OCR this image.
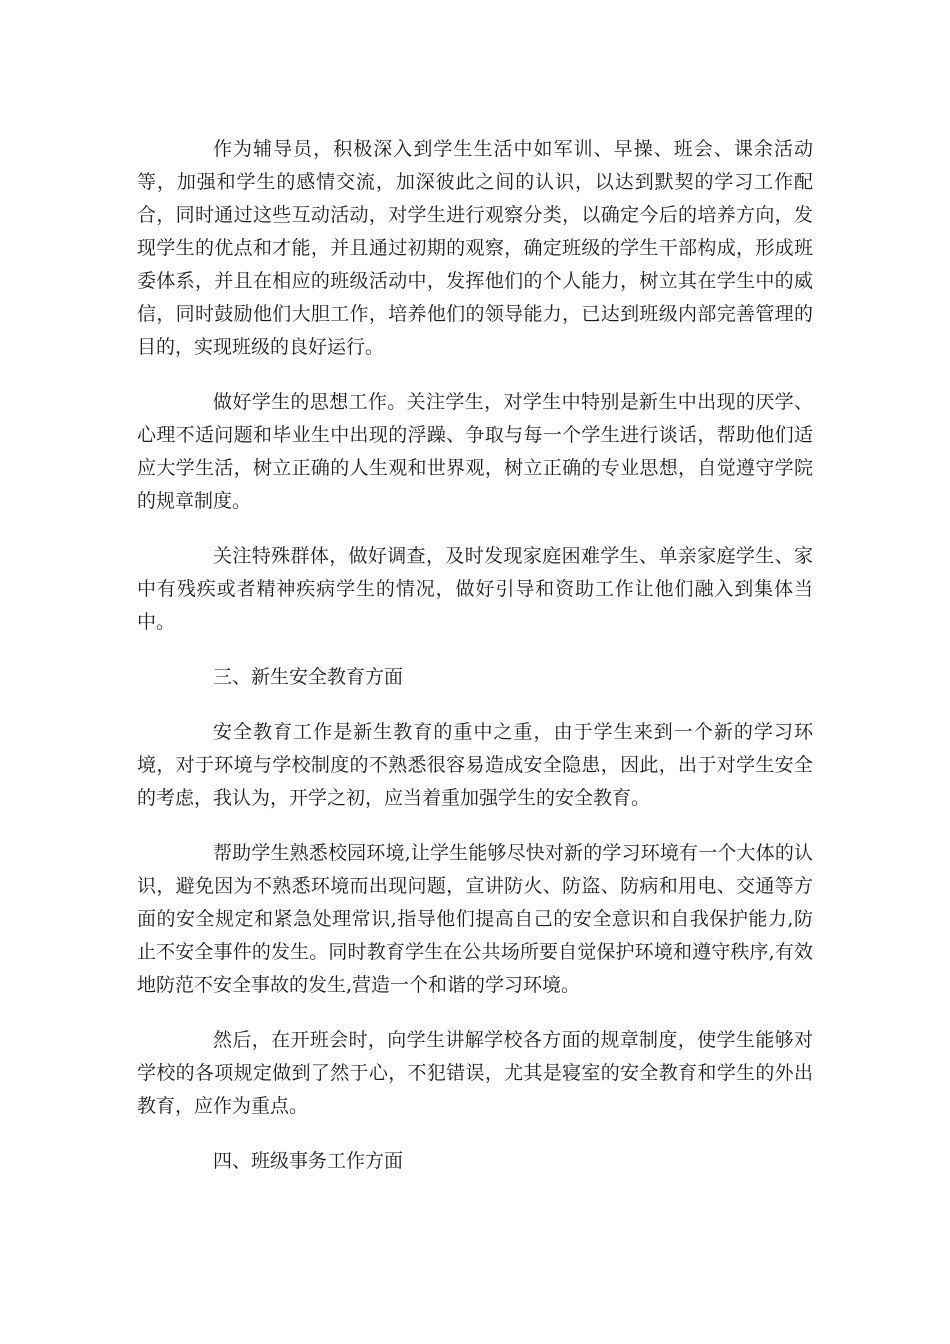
作为辅导员，积极深入到学生生活中如军训、早操、班会、课余活动等，加强和学生的感情交流，加深彼此之间的认识，以达到默契的学习工作配合，同时通过这些互动活动，对学生进行观察分类，以确定今后的培养方向，发现学生的优点和才能，并且通过初期的观察，确定班级的学生干部构成，形成班委体系，并且在相应的班级活动中，发挥他们的个人能力，树立其在学生中的威信，同时鼓励他们大胆工作，培养他们的领导能力，已达到班级内部完善管理的目的，实现班级的良好运行。

做好学生的思想工作。关注学生，对学生中特别是新生中出现的厌学、心理不适问题和毕业生中出现的浮躁、争取与每一个学生进行谈话，帮助他们适应大学生活，树立正确的人生观和世界观，树立正确的专业思想，自觉遵守学院的规章制度。

关注特殊群体，做好调查，及时发现家庭困难学生、单亲家庭学生、家中有残疾或者精神疾病学生的情况，做好引导和资助工作让他们融入到集体当中。

三、新生安全教育方面

安全教育工作是新生教育的重中之重，由于学生来到一个新的学习环境，对于环境与学校制度的不熟悉很容易造成安全隐患，因此，出于对学生安全的考虑，我认为，开学之初，应当着重加强学生的安全教育。

帮助学生熟悉校园环境,让学生能够尽快对新的学习环境有一个大体的认识，避免因为不熟悉环境而出现问题，宣讲防火、防盗、防病和用电、交通等方面的安全规定和紧急处理常识,指导他们提高自己的安全意识和自我保护能力,防止不安全事件的发生。同时教育学生在公共场所要自觉保护环境和遵守秩序,有效地防范不安全事故的发生,营造一个和谐的学习环境。

然后，在开班会时，向学生讲解学校各方面的规章制度，使学生能够对学校的各项规定做到了然于心，不犯错误，尤其是寝室的安全教育和学生的外出教育，应作为重点。

四、班级事务工作方面
